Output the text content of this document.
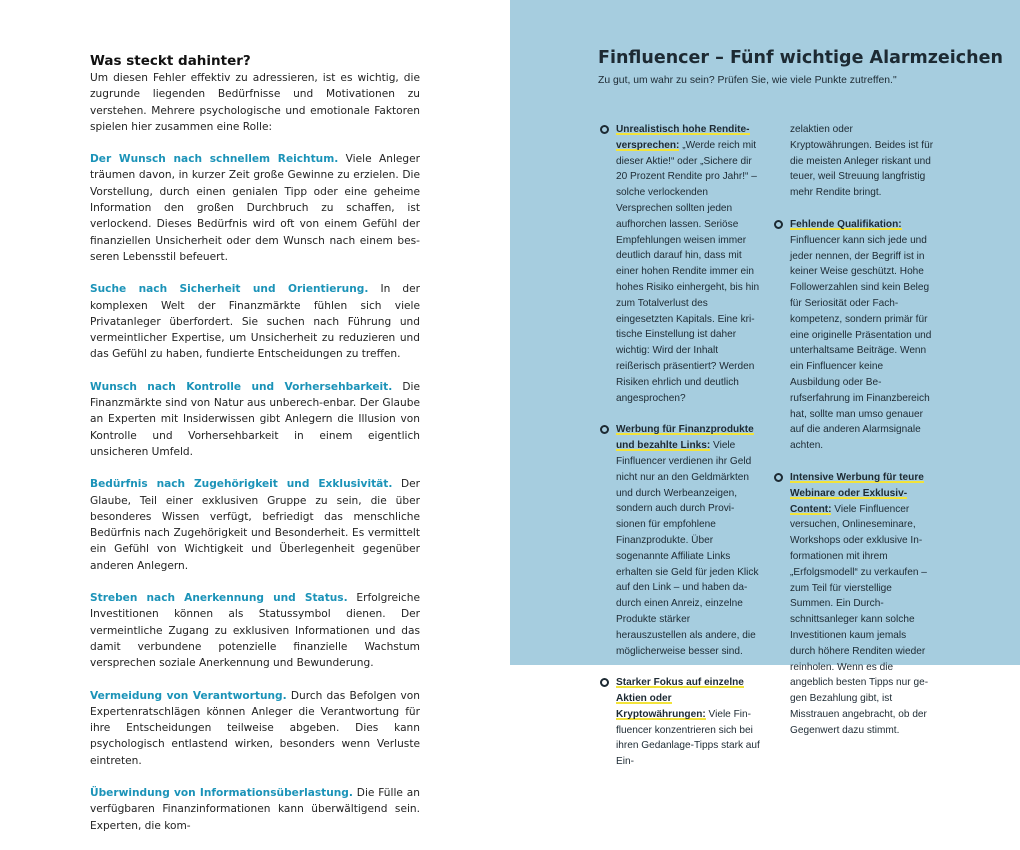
Was steckt dahinter?

Um diesen Fehler effektiv zu adressieren, ist es wichtig, die zugrunde liegenden Bedürfnisse und Motivationen zu verstehen. Mehrere psychologische und emotionale Faktoren spielen hier zusammen eine Rolle:

Der Wunsch nach schnellem Reichtum. Viele Anleger träumen davon, in kurzer Zeit große Gewinne zu erzielen. Die Vorstellung, durch einen genialen Tipp oder eine geheime Information den großen Durchbruch zu schaffen, ist verlockend. Dieses Bedürfnis wird oft von einem Gefühl der finanziellen Unsicherheit oder dem Wunsch nach einem besseren Lebensstil befeuert.

Suche nach Sicherheit und Orientierung. In der komplexen Welt der Finanzmärkte fühlen sich viele Privatanleger überfordert. Sie suchen nach Führung und vermeintlicher Expertise, um Unsicherheit zu reduzieren und das Gefühl zu haben, fundierte Entscheidungen zu treffen.

Wunsch nach Kontrolle und Vorhersehbarkeit. Die Finanzmärkte sind von Natur aus unberech-enbar. Der Glaube an Experten mit Insiderwissen gibt Anlegern die Illusion von Kontrolle und Vorhersehbarkeit in einem eigentlich unsicheren Umfeld.

Bedürfnis nach Zugehörigkeit und Exklusivität. Der Glaube, Teil einer exklusiven Gruppe zu sein, die über besonderes Wissen verfügt, befriedigt das menschliche Bedürfnis nach Zugehörigkeit und Besonderheit. Es vermittelt ein Gefühl von Wichtigkeit und Überlegenheit gegenüber anderen Anlegern.

Streben nach Anerkennung und Status. Erfolgreiche Investitionen können als Statussymbol dienen. Der vermeintliche Zugang zu exklusiven Informationen und das damit verbundene potenzielle finanzielle Wachstum versprechen soziale Anerkennung und Bewunderung.

Vermeidung von Verantwortung. Durch das Befolgen von Expertenratschlägen können Anleger die Verantwortung für ihre Entscheidungen teilweise abgeben. Dies kann psychologisch entlastend wirken, besonders wenn Verluste eintreten.

Überwindung von Informationsüberlastung. Die Fülle an verfügbaren Finanzinformationen kann überwältigend sein. Experten, die kom-

Finfluencer – Fünf wichtige Alarmzeichen
Zu gut, um wahr zu sein? Prüfen Sie, wie viele Punkte zutreffen."
Unrealistisch hohe Renditeversprechen: „Werde reich mit dieser Aktie!“ oder „Sichere dir 20 Prozent Rendite pro Jahr!“ – solche verlockenden Versprechen sollten jeden aufhorchen lassen. Seriöse Empfehlungen weisen immer deutlich darauf hin, dass mit einer hohen Rendite immer ein hohes Risiko einhergeht, bis hin zum Totalverlust des eingesetzten Kapitals. Eine kritische Einstellung ist daher wichtig: Wird der Inhalt reißerisch präsentiert? Werden Risiken ehrlich und deutlich angesprochen?
Werbung für Finanzprodukte und bezahlte Links: Viele Finfluencer verdienen ihr Geld nicht nur an den Geldmärkten und durch Werbeanzeigen, sondern auch durch Provisionen für empfohlene Finanzprodukte. Über sogenannte Affiliate Links erhalten sie Geld für jeden Klick auf den Link – und haben dadurch einen Anreiz, einzelne Produkte stärker herauszustellen als andere, die möglicherweise besser sind.
Starker Fokus auf einzelne Aktien oder Kryptowährungen: Viele Finfluencer konzentrieren sich bei ihren Gedanlage-Tipps stark auf Ein-
zelaktien oder Kryptowährungen. Beides ist für die meisten Anleger riskant und teuer, weil Streuung langfristig mehr Rendite bringt.
Fehlende Qualifikation: Finfluencer kann sich jede und jeder nennen, der Begriff ist in keiner Weise geschützt. Hohe Followerzahlen sind kein Beleg für Seriosität oder Fachkompetenz, sondern primär für eine originelle Präsentation und unterhaltsame Beiträge. Wenn ein Finfluencer keine Ausbildung oder Berufserfahrung im Finanzbereich hat, sollte man umso genauer auf die anderen Alarmsignale achten.
Intensive Werbung für teure Webinare oder Exklusiv-Content: Viele Finfluencer versuchen, Onlineseminare, Workshops oder exklusive Informationen mit ihrem „Erfolgsmodell“ zu verkaufen – zum Teil für vierstellige Summen. Ein Durchschnittsanleger kann solche Investitionen kaum jemals durch höhere Renditen wieder reinholen. Wenn es die angeblich besten Tipps nur gegen Bezahlung gibt, ist Misstrauen angebracht, ob der Gegenwert dazu stimmt.
